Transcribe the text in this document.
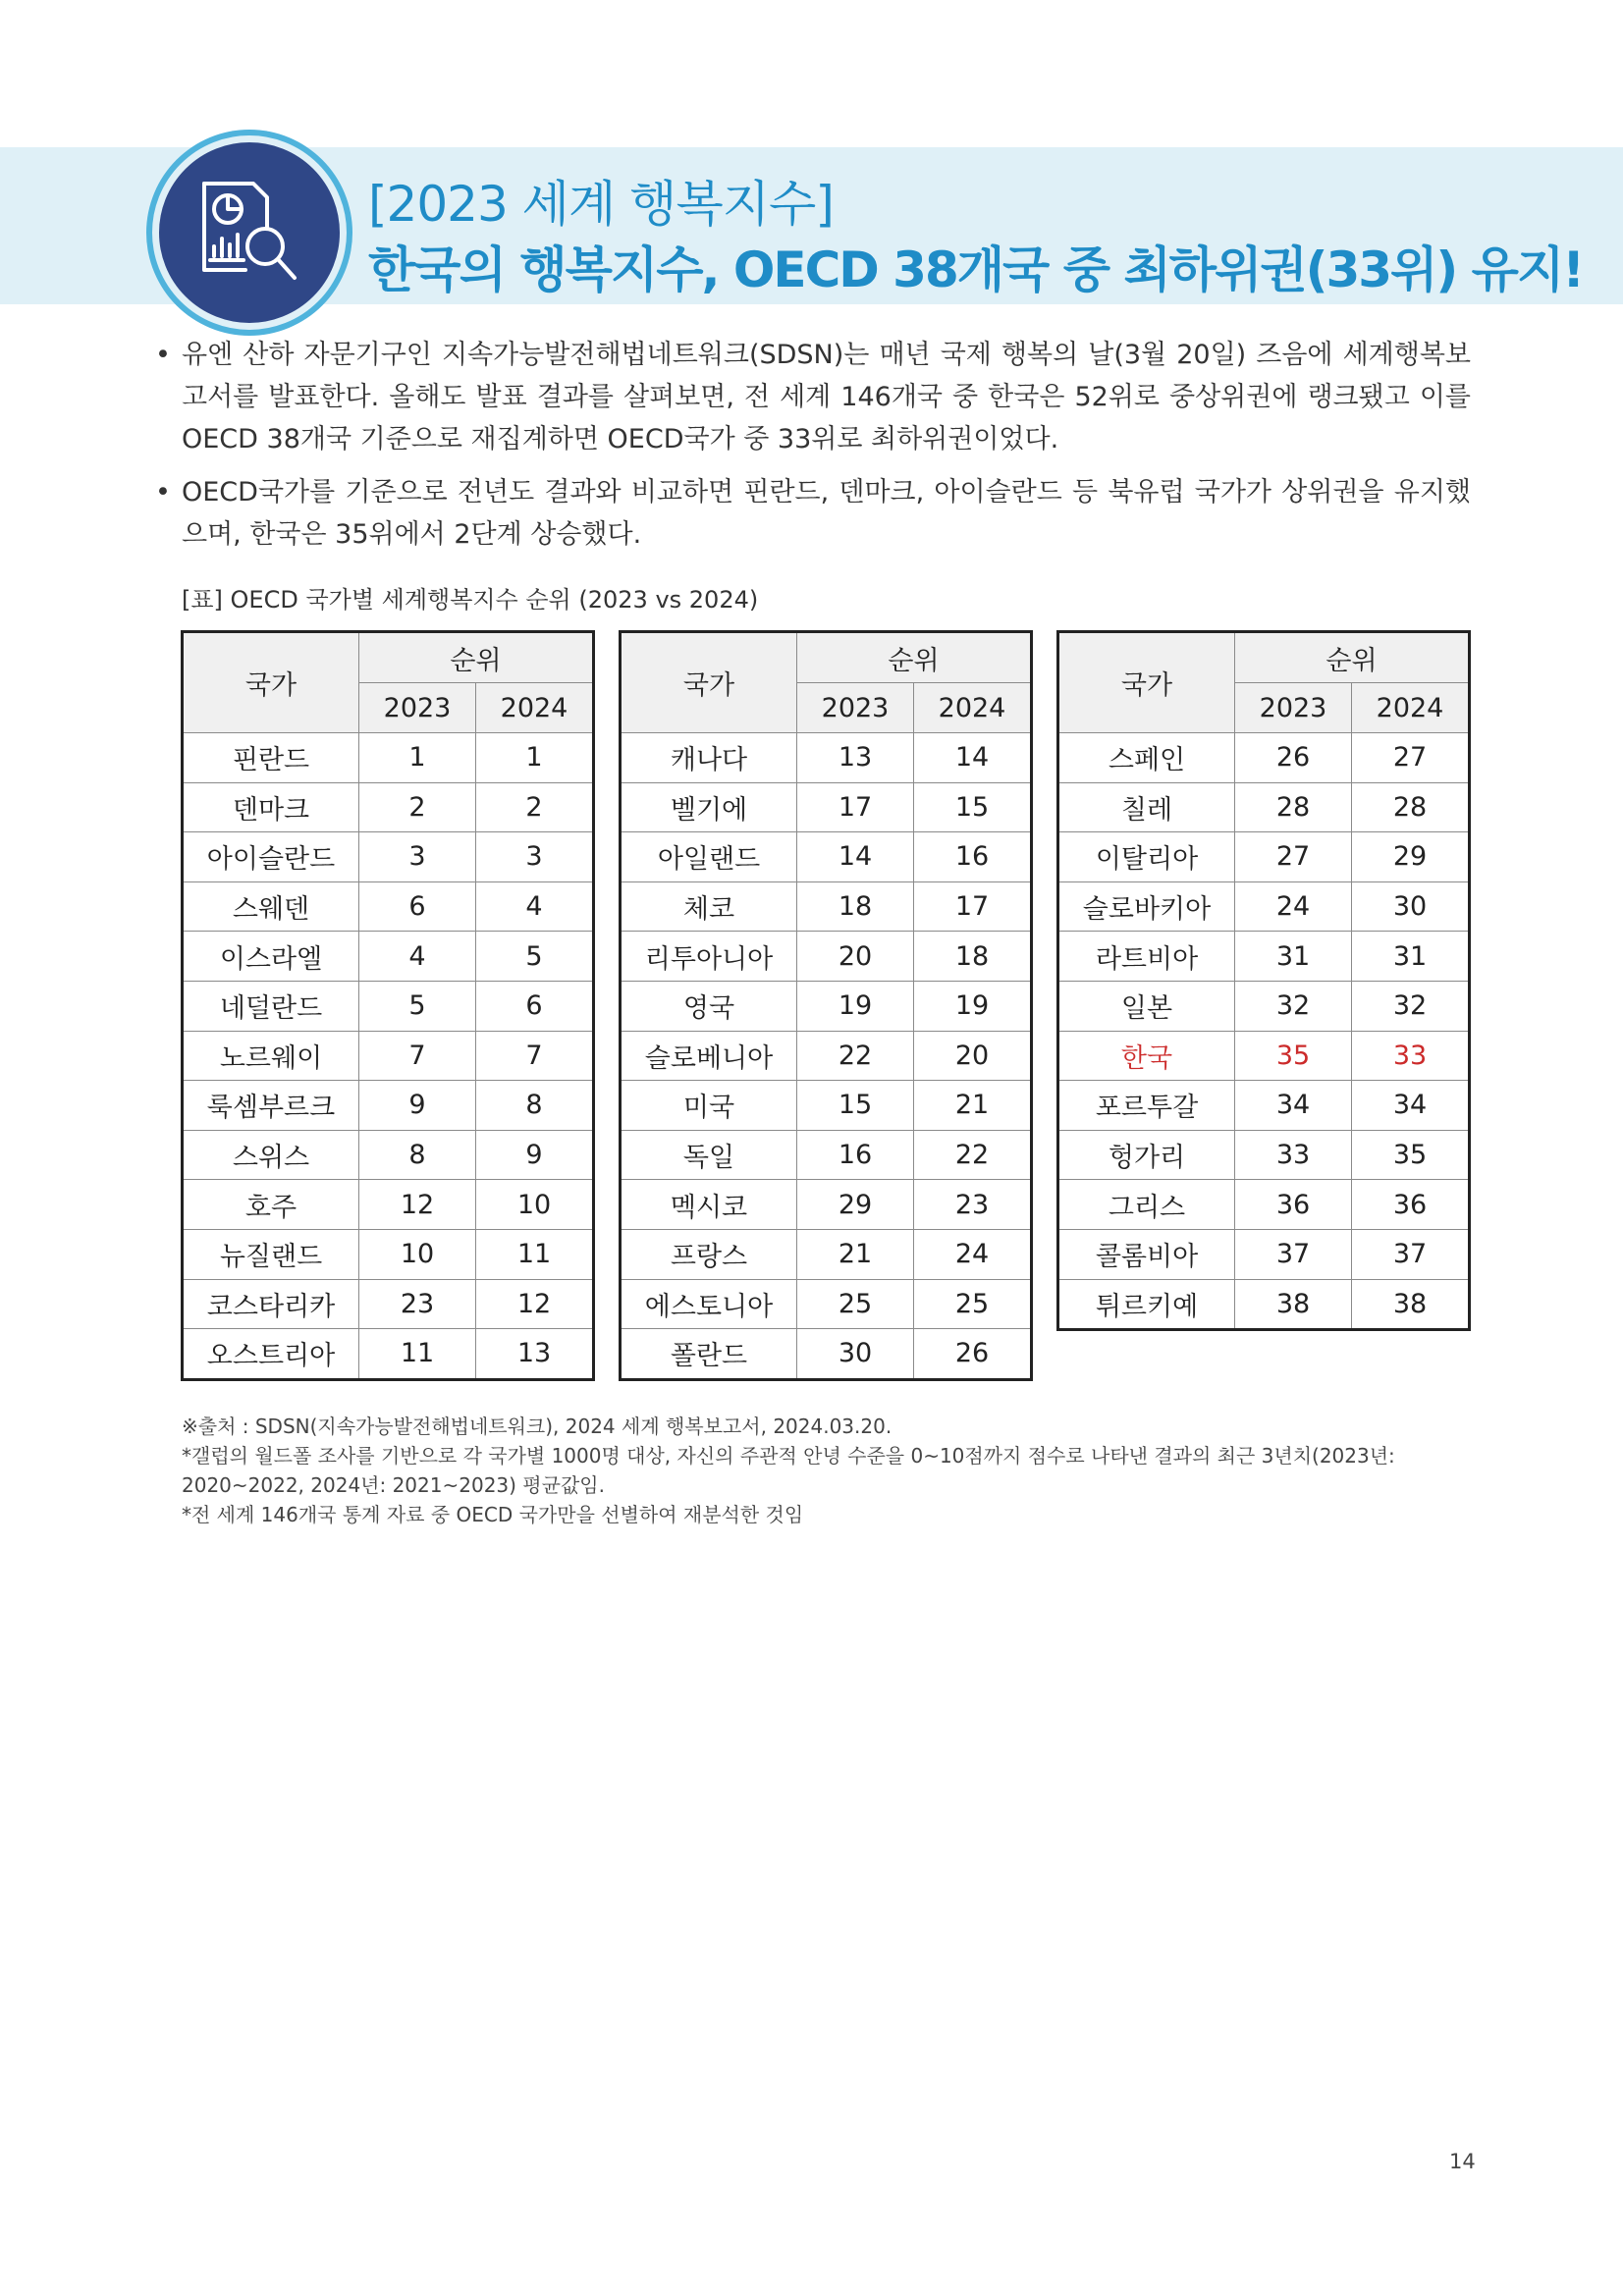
[2023 세계 행복지수]
한국의 행복지수, OECD 38개국 중 최하위권(33위) 유지!
• 유엔 산하 자문기구인 지속가능발전해법네트워크(SDSN)는 매년 국제 행복의 날(3월 20일) 즈음에 세계행복보고서를 발표한다. 올해도 발표 결과를 살펴보면, 전 세계 146개국 중 한국은 52위로 중상위권에 랭크됐고 이를 OECD 38개국 기준으로 재집계하면 OECD국가 중 33위로 최하위권이었다.
• OECD국가를 기준으로 전년도 결과와 비교하면 핀란드, 덴마크, 아이슬란드 등 북유럽 국가가 상위권을 유지했으며, 한국은 35위에서 2단계 상승했다.
[표] OECD 국가별 세계행복지수 순위 (2023 vs 2024)
국가	순위	
	2023	2024
핀란드	1	1
덴마크	2	2
아이슬란드	3	3
스웨덴	6	4
이스라엘	4	5
네덜란드	5	6
노르웨이	7	7
룩셈부르크	9	8
스위스	8	9
호주	12	10
뉴질랜드	10	11
코스타리카	23	12
오스트리아	11	13
국가	순위	
	2023	2024
캐나다	13	14
벨기에	17	15
아일랜드	14	16
체코	18	17
리투아니아	20	18
영국	19	19
슬로베니아	22	20
미국	15	21
독일	16	22
멕시코	29	23
프랑스	21	24
에스토니아	25	25
폴란드	30	26
국가	순위	
	2023	2024
스페인	26	27
칠레	28	28
이탈리아	27	29
슬로바키아	24	30
라트비아	31	31
일본	32	32
한국	35	33
포르투갈	34	34
헝가리	33	35
그리스	36	36
콜롬비아	37	37
튀르키예	38	38
※출처 : SDSN(지속가능발전해법네트워크), 2024 세계 행복보고서, 2024.03.20.
*갤럽의 월드폴 조사를 기반으로 각 국가별 1000명 대상, 자신의 주관적 안녕 수준을 0~10점까지 점수로 나타낸 결과의 최근 3년치(2023년: 2020~2022, 2024년: 2021~2023) 평균값임.
*전 세계 146개국 통계 자료 중 OECD 국가만을 선별하여 재분석한 것임
14
